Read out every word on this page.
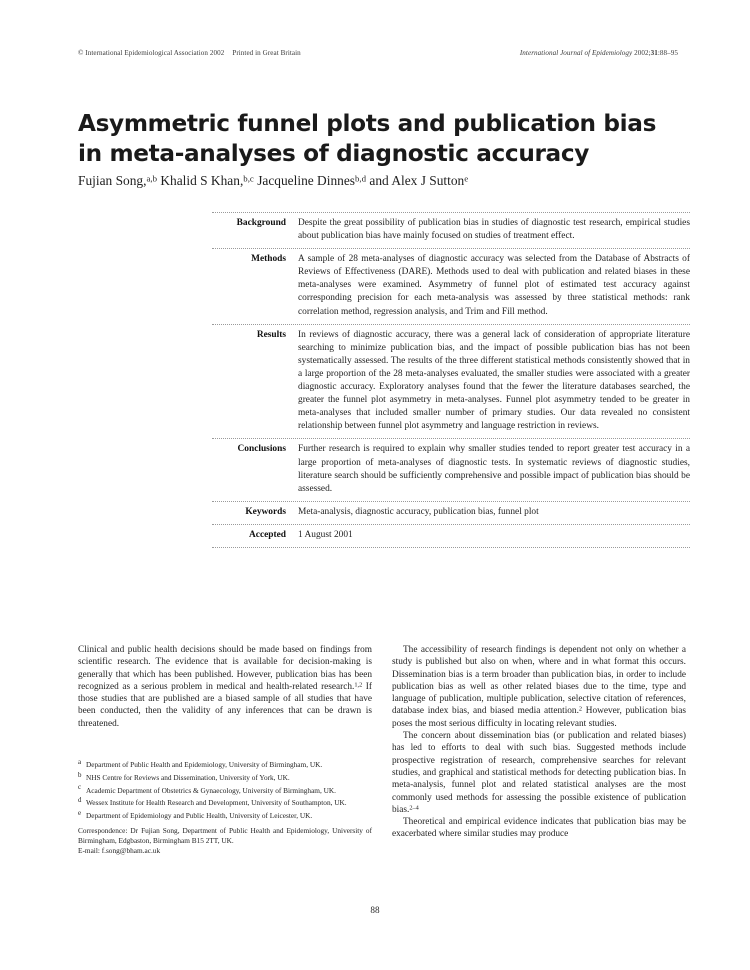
© International Epidemiological Association 2002 Printed in Great Britain	International Journal of Epidemiology 2002;31:88–95
Asymmetric funnel plots and publication bias
in meta-analyses of diagnostic accuracy
Fujian Song,$^{a,b}$ Khalid S Khan,$^{b,c}$ Jacqueline Dinnes$^{b,d}$ and Alex J Sutton$^e$
Background	Despite the great possibility of publication bias in studies of diagnostic test research, empirical studies about publication bias have mainly focused on studies of treatment effect.
Methods	A sample of 28 meta-analyses of diagnostic accuracy was selected from the Database of Abstracts of Reviews of Effectiveness (DARE). Methods used to deal with publication and related biases in these meta-analyses were examined. Asymmetry of funnel plot of estimated test accuracy against corresponding precision for each meta-analysis was assessed by three statistical methods: rank correlation method, regression analysis, and Trim and Fill method.
Results	In reviews of diagnostic accuracy, there was a general lack of consideration of appropriate literature searching to minimize publication bias, and the impact of possible publication bias has not been systematically assessed. The results of the three different statistical methods consistently showed that in a large proportion of the 28 meta-analyses evaluated, the smaller studies were associated with a greater diagnostic accuracy. Exploratory analyses found that the fewer the literature databases searched, the greater the funnel plot asymmetry in meta-analyses. Funnel plot asymmetry tended to be greater in meta-analyses that included smaller number of primary studies. Our data revealed no consistent relationship between funnel plot asymmetry and language restriction in reviews.
Conclusions	Further research is required to explain why smaller studies tended to report greater test accuracy in a large proportion of meta-analyses of diagnostic tests. In systematic reviews of diagnostic studies, literature search should be sufficiently comprehensive and possible impact of publication bias should be assessed.
Keywords	Meta-analysis, diagnostic accuracy, publication bias, funnel plot
Accepted	1 August 2001

Clinical and public health decisions should be made based on findings from scientific research. The evidence that is available for decision-making is generally that which has been published. However, publication bias has been recognized as a serious problem in medical and health-related research.$^{1,2}$ If those studies that are published are a biased sample of all studies that have been conducted, then the validity of any inferences that can be drawn is threatened.

The accessibility of research findings is dependent not only on whether a study is published but also on when, where and in what format this occurs. Dissemination bias is a term broader than publication bias, in order to include publication bias as well as other related biases due to the time, type and language of publication, multiple publication, selective citation of references, database index bias, and biased media attention.$^2$ However, publication bias poses the most serious difficulty in locating relevant studies.

The concern about dissemination bias (or publication and related biases) has led to efforts to deal with such bias. Suggested methods include prospective registration of research, comprehensive searches for relevant studies, and graphical and statistical methods for detecting publication bias. In meta-analysis, funnel plot and related statistical analyses are the most commonly used methods for assessing the possible existence of publication bias.$^{2-4}$

Theoretical and empirical evidence indicates that publication bias may be exacerbated where similar studies may produce

a Department of Public Health and Epidemiology, University of Birmingham, UK.
b NHS Centre for Reviews and Dissemination, University of York, UK.
c Academic Department of Obstetrics & Gynaecology, University of Birmingham, UK.
d Wessex Institute for Health Research and Development, University of Southampton, UK.
e Department of Epidemiology and Public Health, University of Leicester, UK.
Correspondence: Dr Fujian Song, Department of Public Health and Epidemiology, University of Birmingham, Edgbaston, Birmingham B15 2TT, UK.
E-mail: f.song@bham.ac.uk
88
